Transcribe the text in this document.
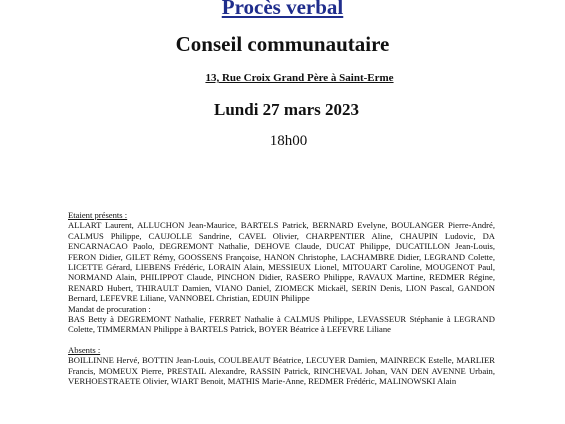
Procès verbal
Conseil communautaire
13, Rue Croix Grand Père à Saint-Erme
Lundi 27 mars 2023
18h00

Etaient présents :

ALLART Laurent, ALLUCHON Jean-Maurice, BARTELS Patrick, BERNARD Evelyne, BOULANGER Pierre-André, CALMUS Philippe, CAUJOLLE Sandrine, CAVEL Olivier, CHARPENTIER Aline, CHAUPIN Ludovic, DA ENCARNACAO Paolo, DEGREMONT Nathalie, DEHOVE Claude, DUCAT Philippe, DUCATILLON Jean-Louis, FERON Didier, GILET Rémy, GOOSSENS Françoise, HANON Christophe, LACHAMBRE Didier, LEGRAND Colette, LICETTE Gérard, LIEBENS Frédéric, LORAIN Alain, MESSIEUX Lionel, MITOUART Caroline, MOUGENOT Paul, NORMAND Alain, PHILIPPOT Claude, PINCHON Didier, RASERO Philippe, RAVAUX Martine, REDMER Régine, RENARD Hubert, THIRAULT Damien, VIANO Daniel, ZIOMECK Mickaël, SERIN Denis, LION Pascal, GANDON Bernard, LEFEVRE Liliane, VANNOBEL Christian, EDUIN Philippe

Mandat de procuration :

BAS Betty à DEGREMONT Nathalie, FERRET Nathalie à CALMUS Philippe, LEVASSEUR Stéphanie à LEGRAND Colette, TIMMERMAN Philippe à BARTELS Patrick, BOYER Béatrice à LEFEVRE Liliane

Absents :

BOILLINNE Hervé, BOTTIN Jean-Louis, COULBEAUT Béatrice, LECUYER Damien, MAINRECK Estelle, MARLIER Francis, MOMEUX Pierre, PRESTAIL Alexandre, RASSIN Patrick, RINCHEVAL Johan, VAN DEN AVENNE Urbain, VERHOESTRAETE Olivier, WIART Benoit, MATHIS Marie-Anne, REDMER Frédéric, MALINOWSKI Alain
